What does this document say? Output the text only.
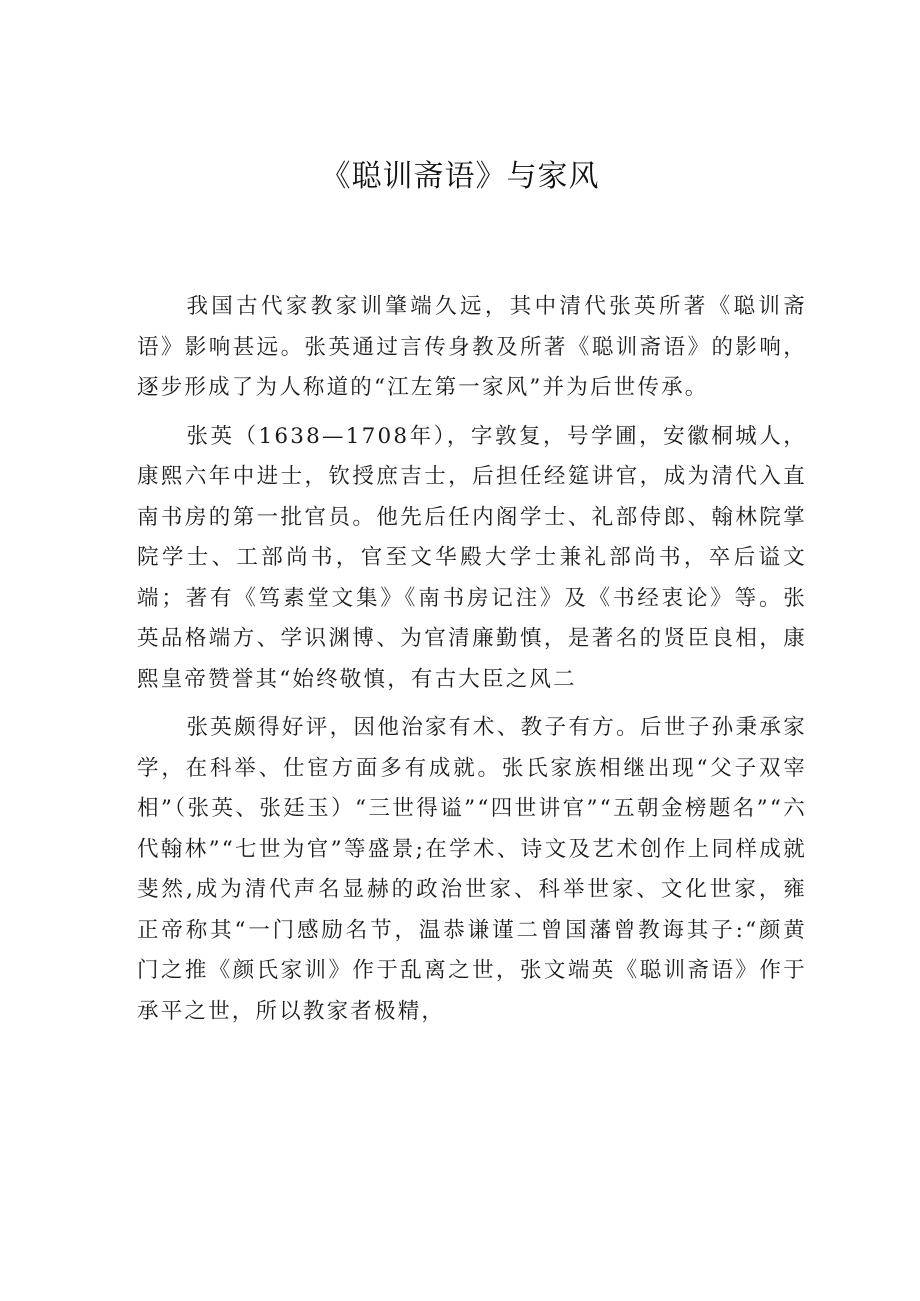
《聪训斋语》与家风

我国古代家教家训肇端久远，其中清代张英所著《聪训斋语》影响甚远。张英通过言传身教及所著《聪训斋语》的影响，逐步形成了为人称道的“江左第一家风”并为后世传承。

张英（1638—1708年），字敦复，号学圃，安徽桐城人，康熙六年中进士，钦授庶吉士，后担任经筵讲官，成为清代入直南书房的第一批官员。他先后任内阁学士、礼部侍郎、翰林院掌院学士、工部尚书，官至文华殿大学士兼礼部尚书，卒后谥文端；著有《笃素堂文集》《南书房记注》及《书经衷论》等。张英品格端方、学识渊博、为官清廉勤慎，是著名的贤臣良相，康熙皇帝赞誉其“始终敬慎，有古大臣之风二

张英颇得好评，因他治家有术、教子有方。后世子孙秉承家学，在科举、仕宦方面多有成就。张氏家族相继出现“父子双宰相”（张英、张廷玉）“三世得谥”“四世讲官”“五朝金榜题名”“六代翰林”“七世为官”等盛景;在学术、诗文及艺术创作上同样成就斐然,成为清代声名显赫的政治世家、科举世家、文化世家，雍正帝称其“一门感励名节，温恭谦谨二曾国藩曾教诲其子:“颜黄门之推《颜氏家训》作于乱离之世，张文端英《聪训斋语》作于承平之世，所以教家者极精，
